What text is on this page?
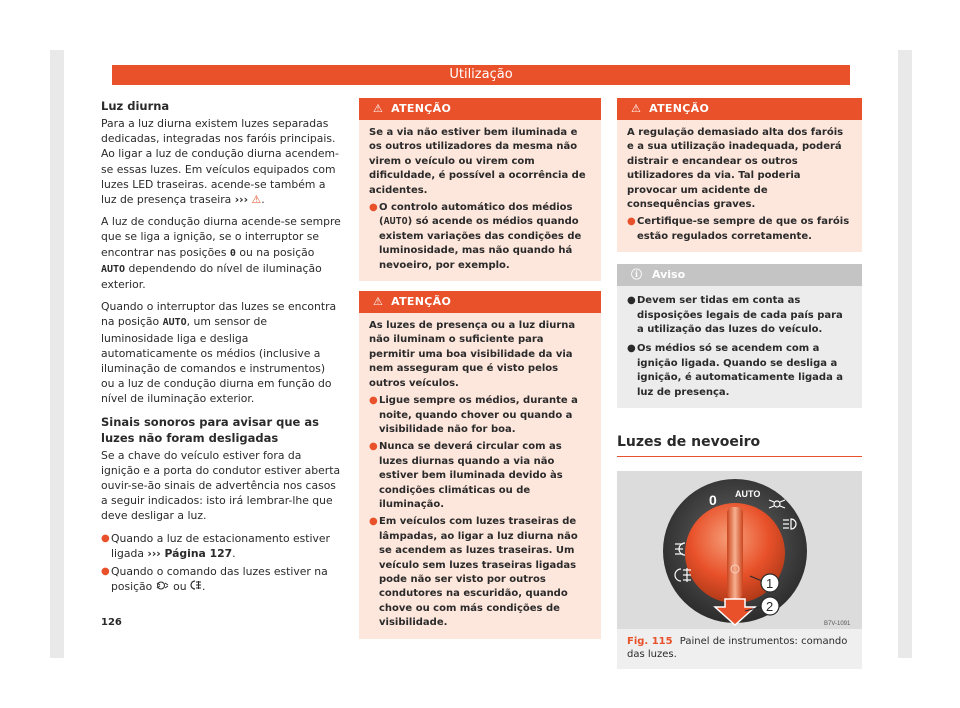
Utilização
Luz diurna

Para a luz diurna existem luzes separadas dedicadas, integradas nos faróis principais. Ao ligar a luz de condução diurna acendem-se essas luzes. Em veículos equipados com luzes LED traseiras. acende-se também a luz de presença traseira ››› ⚠.

A luz de condução diurna acende-se sempre que se liga a ignição, se o interruptor se encontrar nas posições 0 ou na posição AUTO dependendo do nível de iluminação exterior.

Quando o interruptor das luzes se encontra na posição AUTO, um sensor de luminosidade liga e desliga automaticamente os médios (inclusive a iluminação de comandos e instrumentos) ou a luz de condução diurna em função do nível de iluminação exterior.

Sinais sonoros para avisar que as luzes não foram desligadas

Se a chave do veículo estiver fora da ignição e a porta do condutor estiver aberta ouvir-se-ão sinais de advertência nos casos a seguir indicados: isto irá lembrar-lhe que deve desligar a luz.

● Quando a luz de estacionamento estiver ligada ››› Página 127.
● Quando o comando das luzes estiver na posição ou .
⚠ ATENÇÃO
Se a via não estiver bem iluminada e os outros utilizadores da mesma não virem o veículo ou virem com dificuldade, é possível a ocorrência de acidentes.
● O controlo automático dos médios (AUTO) só acende os médios quando existem variações das condições de luminosidade, mas não quando há nevoeiro, por exemplo.
⚠ ATENÇÃO
As luzes de presença ou a luz diurna não iluminam o suficiente para permitir uma boa visibilidade da via nem asseguram que é visto pelos outros veículos.
● Ligue sempre os médios, durante a noite, quando chover ou quando a visibilidade não for boa.
● Nunca se deverá circular com as luzes diurnas quando a via não estiver bem iluminada devido às condições climáticas ou de iluminação.
● Em veículos com luzes traseiras de lâmpadas, ao ligar a luz diurna não se acendem as luzes traseiras. Um veículo sem luzes traseiras ligadas pode não ser visto por outros condutores na escuridão, quando chove ou com más condições de visibilidade.
⚠ ATENÇÃO
A regulação demasiado alta dos faróis e a sua utilização inadequada, poderá distrair e encandear os outros utilizadores da via. Tal poderia provocar um acidente de consequências graves.
● Certifique-se sempre de que os faróis estão regulados corretamente.
ⓘ Aviso
● Devem ser tidas em conta as disposições legais de cada país para a utilização das luzes do veículo.
● Os médios só se acendem com a ignição ligada. Quando se desliga a ignição, é automaticamente ligada a luz de presença.
Luzes de nevoeiro
0 AUTO
1
2
B7V-1091
Fig. 115 Painel de instrumentos: comando das luzes.
126
